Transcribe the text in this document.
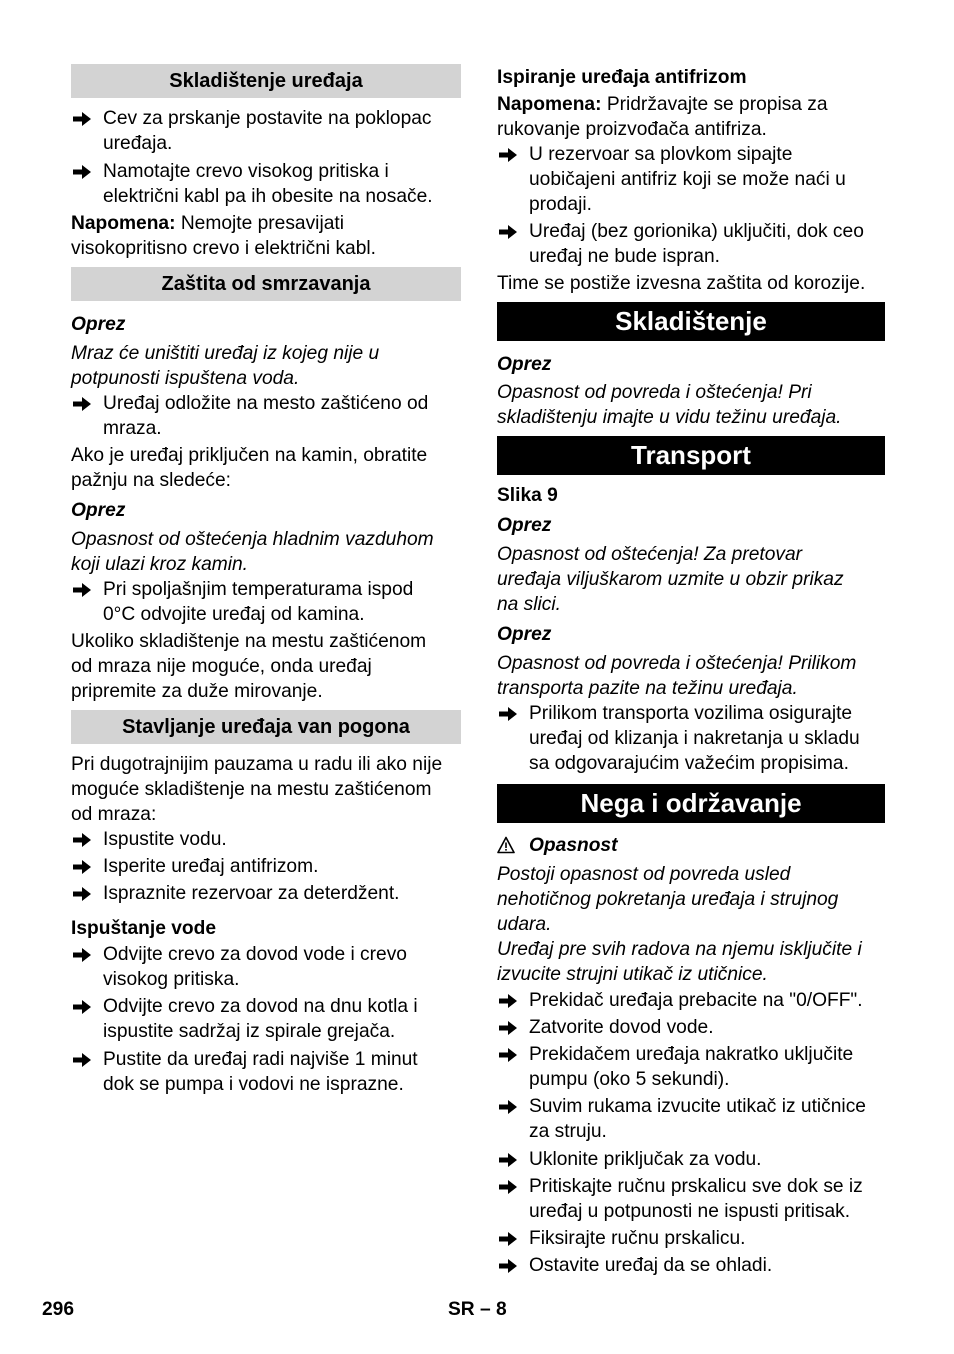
Skladištenje uređaja
Cev za prskanje postavite na poklopac
uređaja.
Namotajte crevo visokog pritiska i
električni kabl pa ih obesite na nosače.
Napomena: Nemojte presavijati
visokopritisno crevo i električni kabl.
Zaštita od smrzavanja
Oprez
Mraz će uništiti uređaj iz kojeg nije u
potpunosti ispuštena voda.
Uređaj odložite na mesto zaštićeno od
mraza.
Ako je uređaj priključen na kamin, obratite
pažnju na sledeće:
Oprez
Opasnost od oštećenja hladnim vazduhom
koji ulazi kroz kamin.
Pri spoljašnjim temperaturama ispod
0°C odvojite uređaj od kamina.
Ukoliko skladištenje na mestu zaštićenom
od mraza nije moguće, onda uređaj
pripremite za duže mirovanje.
Stavljanje uređaja van pogona
Pri dugotrajnijim pauzama u radu ili ako nije
moguće skladištenje na mestu zaštićenom
od mraza:
Ispustite vodu.
Isperite uređaj antifrizom.
Ispraznite rezervoar za deterdžent.
Ispuštanje vode
Odvijte crevo za dovod vode i crevo
visokog pritiska.
Odvijte crevo za dovod na dnu kotla i
ispustite sadržaj iz spirale grejača.
Pustite da uređaj radi najviše 1 minut
dok se pumpa i vodovi ne isprazne.
Ispiranje uređaja antifrizom
Napomena: Pridržavajte se propisa za
rukovanje proizvođača antifriza.
U rezervoar sa plovkom sipajte
uobičajeni antifriz koji se može naći u
prodaji.
Uređaj (bez gorionika) uključiti, dok ceo
uređaj ne bude ispran.
Time se postiže izvesna zaštita od korozije.
Skladištenje
Oprez
Opasnost od povreda i oštećenja! Pri
skladištenju imajte u vidu težinu uređaja.
Transport
Slika 9
Oprez
Opasnost od oštećenja! Za pretovar
uređaja viljuškarom uzmite u obzir prikaz
na slici.
Oprez
Opasnost od povreda i oštećenja! Prilikom
transporta pazite na težinu uređaja.
Prilikom transporta vozilima osigurajte
uređaj od klizanja i nakretanja u skladu
sa odgovarajućim važećim propisima.
Nega i održavanje
Opasnost
Postoji opasnost od povreda usled
nehotičnog pokretanja uređaja i strujnog
udara.
Uređaj pre svih radova na njemu isključite i
izvucite strujni utikač iz utičnice.
Prekidač uređaja prebacite na "0/OFF".
Zatvorite dovod vode.
Prekidačem uređaja nakratko uključite
pumpu (oko 5 sekundi).
Suvim rukama izvucite utikač iz utičnice
za struju.
Uklonite priključak za vodu.
Pritiskajte ručnu prskalicu sve dok se iz
uređaj u potpunosti ne ispusti pritisak.
Fiksirajte ručnu prskalicu.
Ostavite uređaj da se ohladi.
296	SR – 8
